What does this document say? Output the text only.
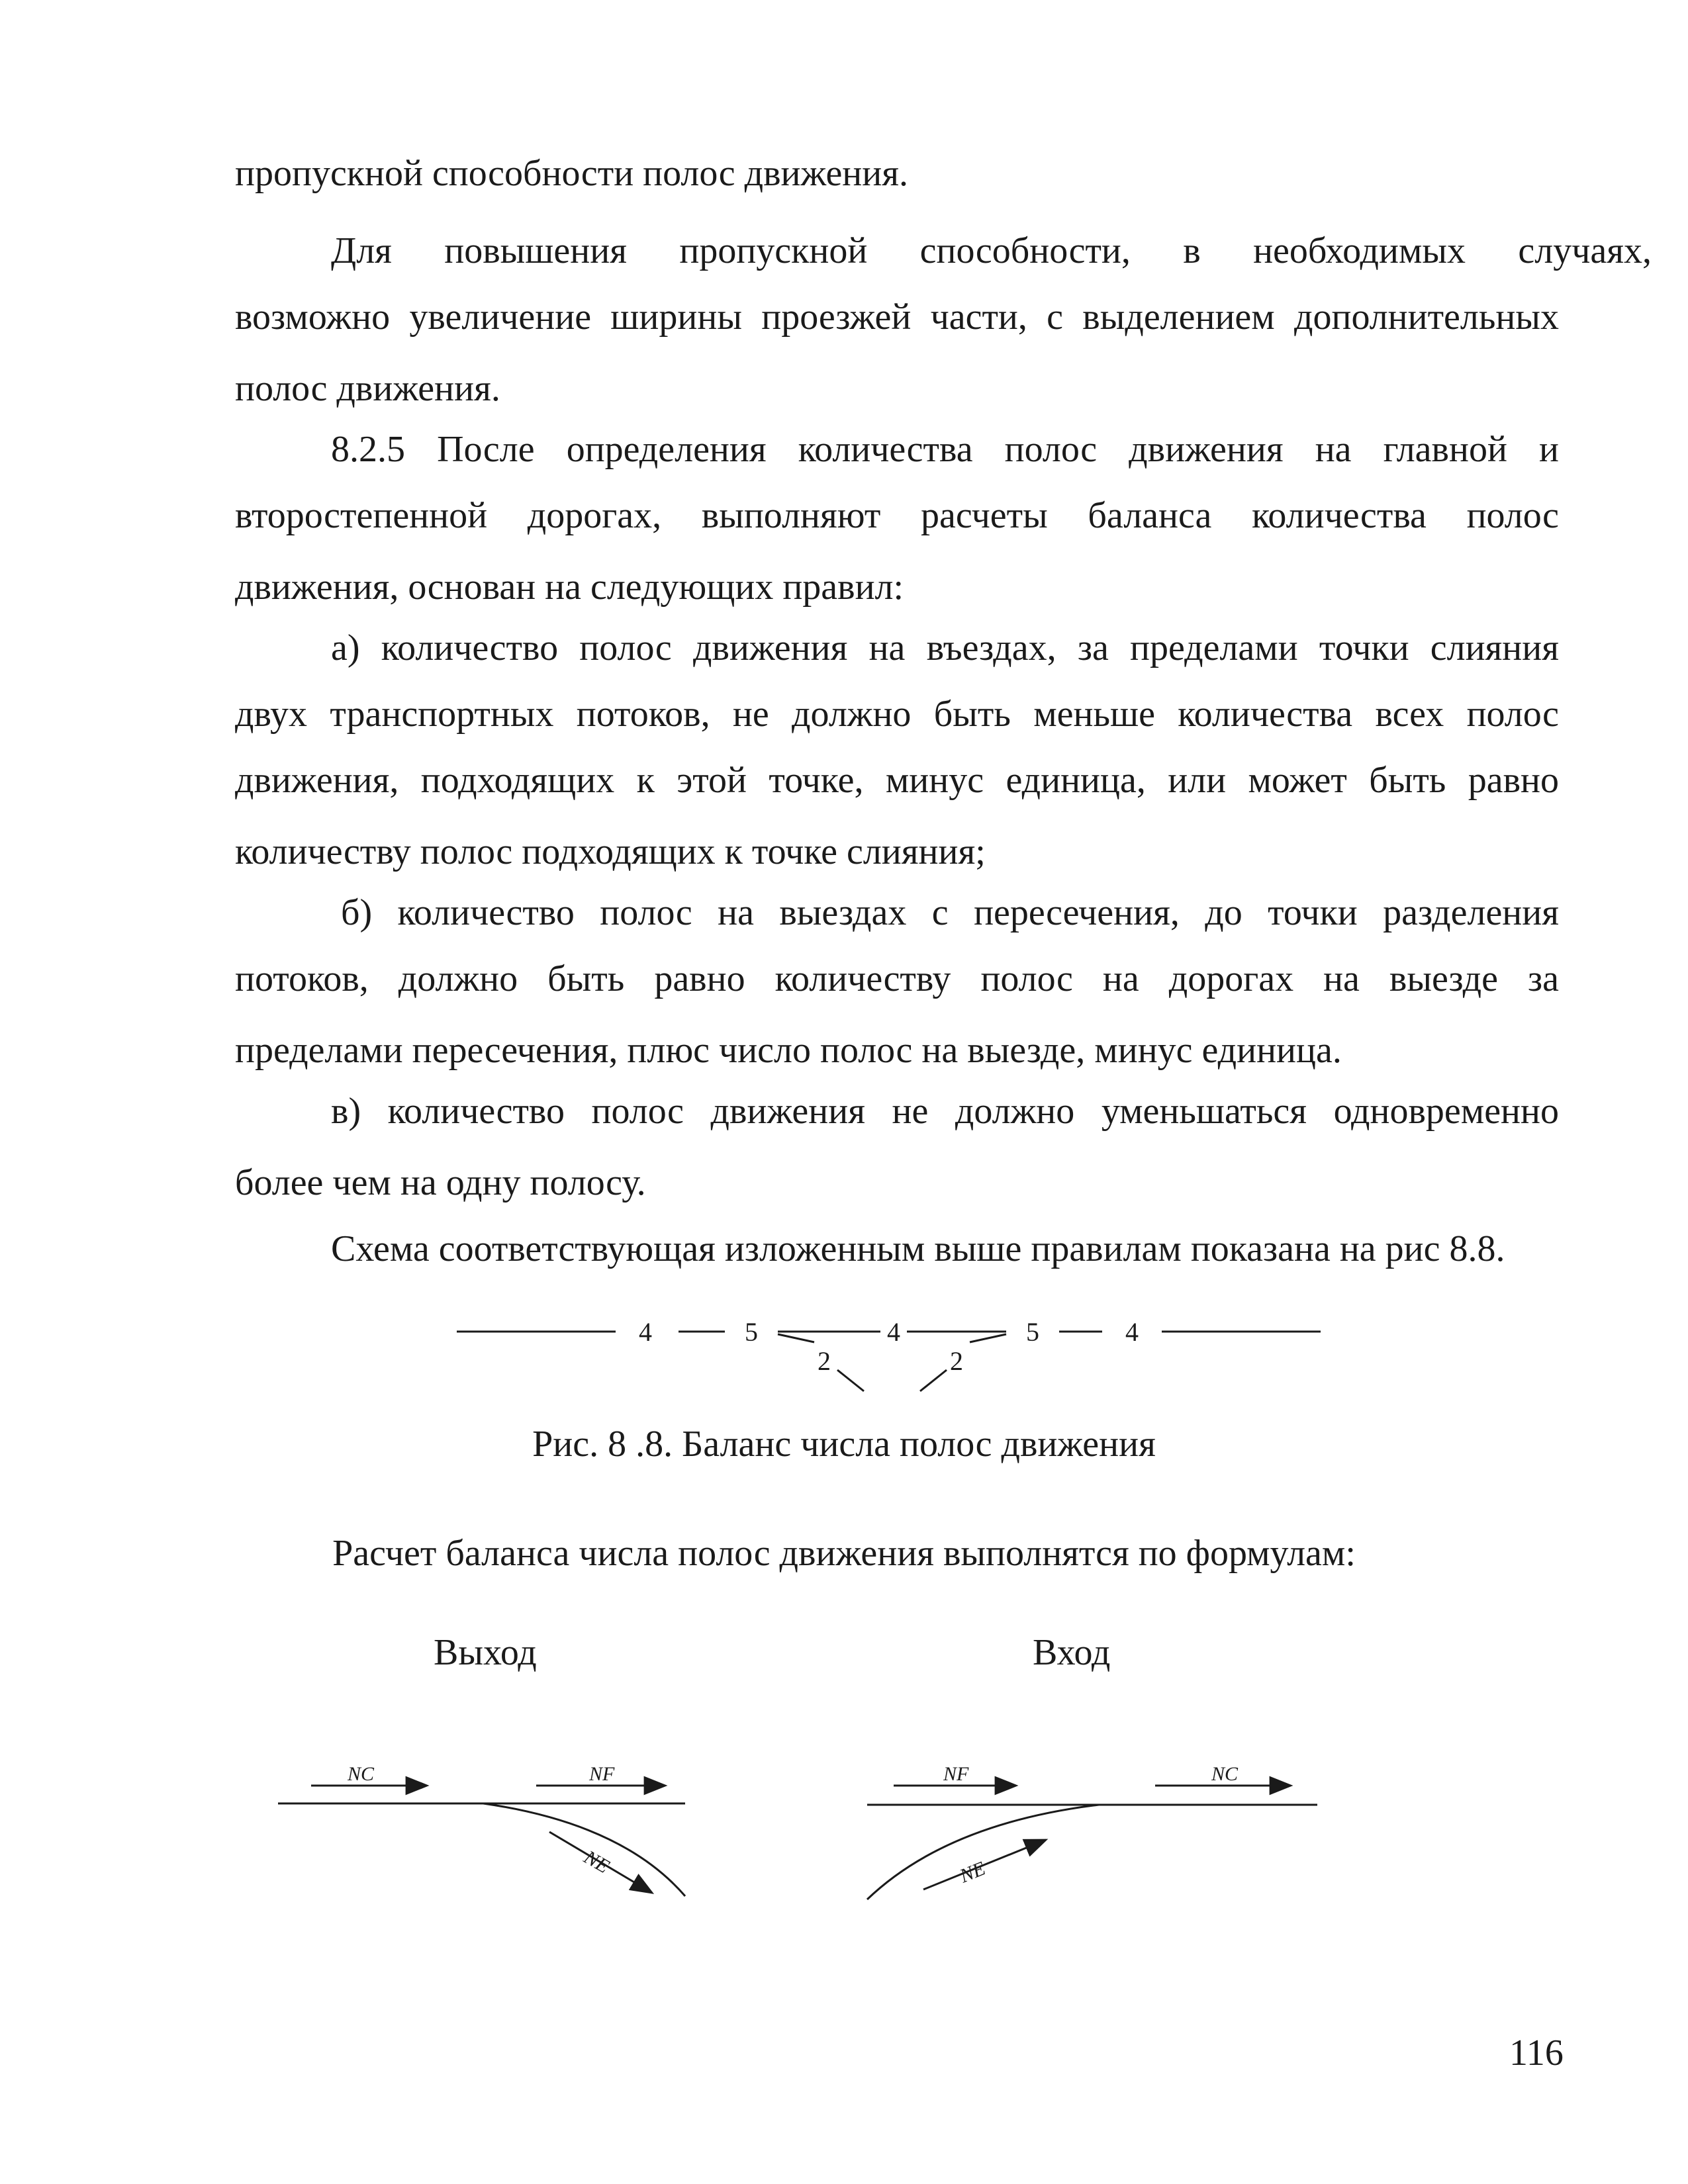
пропускной способности полос движения.
Для повышения пропускной способности, в необходимых случаях,
возможно увеличение ширины проезжей части, с выделением дополнительных
полос движения.
8.2.5 После определения количества полос движения на главной и
второстепенной дорогах, выполняют расчеты баланса количества полос
движения, основан на следующих правил:
а) количество полос движения на въездах, за пределами точки слияния
двух транспортных потоков, не должно быть меньше количества всех полос
движения, подходящих к этой точке, минус единица, или может быть равно
количеству полос подходящих к точке слияния;
б) количество полос на выездах с пересечения, до точки разделения
потоков, должно быть равно количеству полос на дорогах на выезде за
пределами пересечения, плюс число полос на выезде, минус единица.
в) количество полос движения не должно уменьшаться одновременно
более чем на одну полосу.
Схема соответствующая изложенным выше правилам показана на рис 8.8.
4	5	4	5	4
2	2
Рис. 8 .8. Баланс числа полос движения
Расчет баланса числа полос движения выполнятся по формулам:
Выход	Вход
NC	NF
NE
NF	NC
NE
116
